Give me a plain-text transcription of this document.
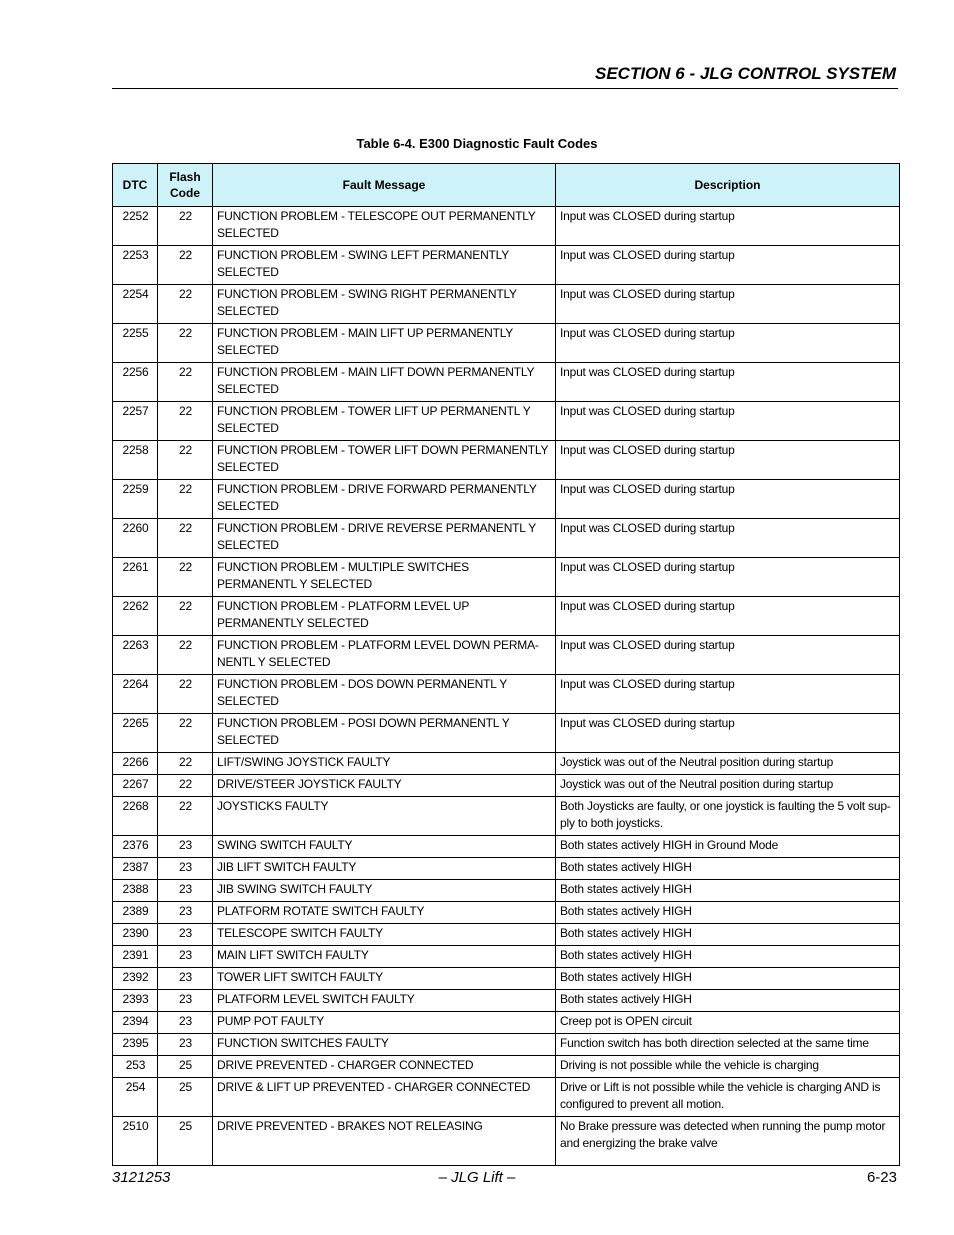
SECTION 6 - JLG CONTROL SYSTEM
Table 6-4. E300 Diagnostic Fault Codes
DTC	Flash Code	Fault Message	Description
2252	22	FUNCTION PROBLEM - TELESCOPE OUT PERMANENTLY SELECTED	Input was CLOSED during startup
2253	22	FUNCTION PROBLEM - SWING LEFT PERMANENTLY SELECTED	Input was CLOSED during startup
2254	22	FUNCTION PROBLEM - SWING RIGHT PERMANENTLY SELECTED	Input was CLOSED during startup
2255	22	FUNCTION PROBLEM - MAIN LIFT UP PERMANENTLY SELECTED	Input was CLOSED during startup
2256	22	FUNCTION PROBLEM - MAIN LIFT DOWN PERMANENTLY SELECTED	Input was CLOSED during startup
2257	22	FUNCTION PROBLEM - TOWER LIFT UP PERMANENTL Y SELECTED	Input was CLOSED during startup
2258	22	FUNCTION PROBLEM - TOWER LIFT DOWN PERMANENTLY SELECTED	Input was CLOSED during startup
2259	22	FUNCTION PROBLEM - DRIVE FORWARD PERMANENTLY SELECTED	Input was CLOSED during startup
2260	22	FUNCTION PROBLEM - DRIVE REVERSE PERMANENTL Y SELECTED	Input was CLOSED during startup
2261	22	FUNCTION PROBLEM - MULTIPLE SWITCHES PERMANENTL Y SELECTED	Input was CLOSED during startup
2262	22	FUNCTION PROBLEM - PLATFORM LEVEL UP PERMANENTLY SELECTED	Input was CLOSED during startup
2263	22	FUNCTION PROBLEM - PLATFORM LEVEL DOWN PERMA-NENTL Y SELECTED	Input was CLOSED during startup
2264	22	FUNCTION PROBLEM - DOS DOWN PERMANENTL Y SELECTED	Input was CLOSED during startup
2265	22	FUNCTION PROBLEM - POSI DOWN PERMANENTL Y SELECTED	Input was CLOSED during startup
2266	22	LIFT/SWING JOYSTICK FAULTY	Joystick was out of the Neutral position during startup
2267	22	DRIVE/STEER JOYSTICK FAULTY	Joystick was out of the Neutral position during startup
2268	22	JOYSTICKS FAULTY	Both Joysticks are faulty, or one joystick is faulting the 5 volt sup-ply to both joysticks.
2376	23	SWING SWITCH FAULTY	Both states actively HIGH in Ground Mode
2387	23	JIB LIFT SWITCH FAULTY	Both states actively HIGH
2388	23	JIB SWING SWITCH FAULTY	Both states actively HIGH
2389	23	PLATFORM ROTATE SWITCH FAULTY	Both states actively HIGH
2390	23	TELESCOPE SWITCH FAULTY	Both states actively HIGH
2391	23	MAIN LIFT SWITCH FAULTY	Both states actively HIGH
2392	23	TOWER LIFT SWITCH FAULTY	Both states actively HIGH
2393	23	PLATFORM LEVEL SWITCH FAULTY	Both states actively HIGH
2394	23	PUMP POT FAULTY	Creep pot is OPEN circuit
2395	23	FUNCTION SWITCHES FAULTY	Function switch has both direction selected at the same time
253	25	DRIVE PREVENTED - CHARGER CONNECTED	Driving is not possible while the vehicle is charging
254	25	DRIVE & LIFT UP PREVENTED - CHARGER CONNECTED	Drive or Lift is not possible while the vehicle is charging AND is configured to prevent all motion.
2510	25	DRIVE PREVENTED - BRAKES NOT RELEASING	No Brake pressure was detected when running the pump motor and energizing the brake valve
3121253	– JLG Lift –	6-23
